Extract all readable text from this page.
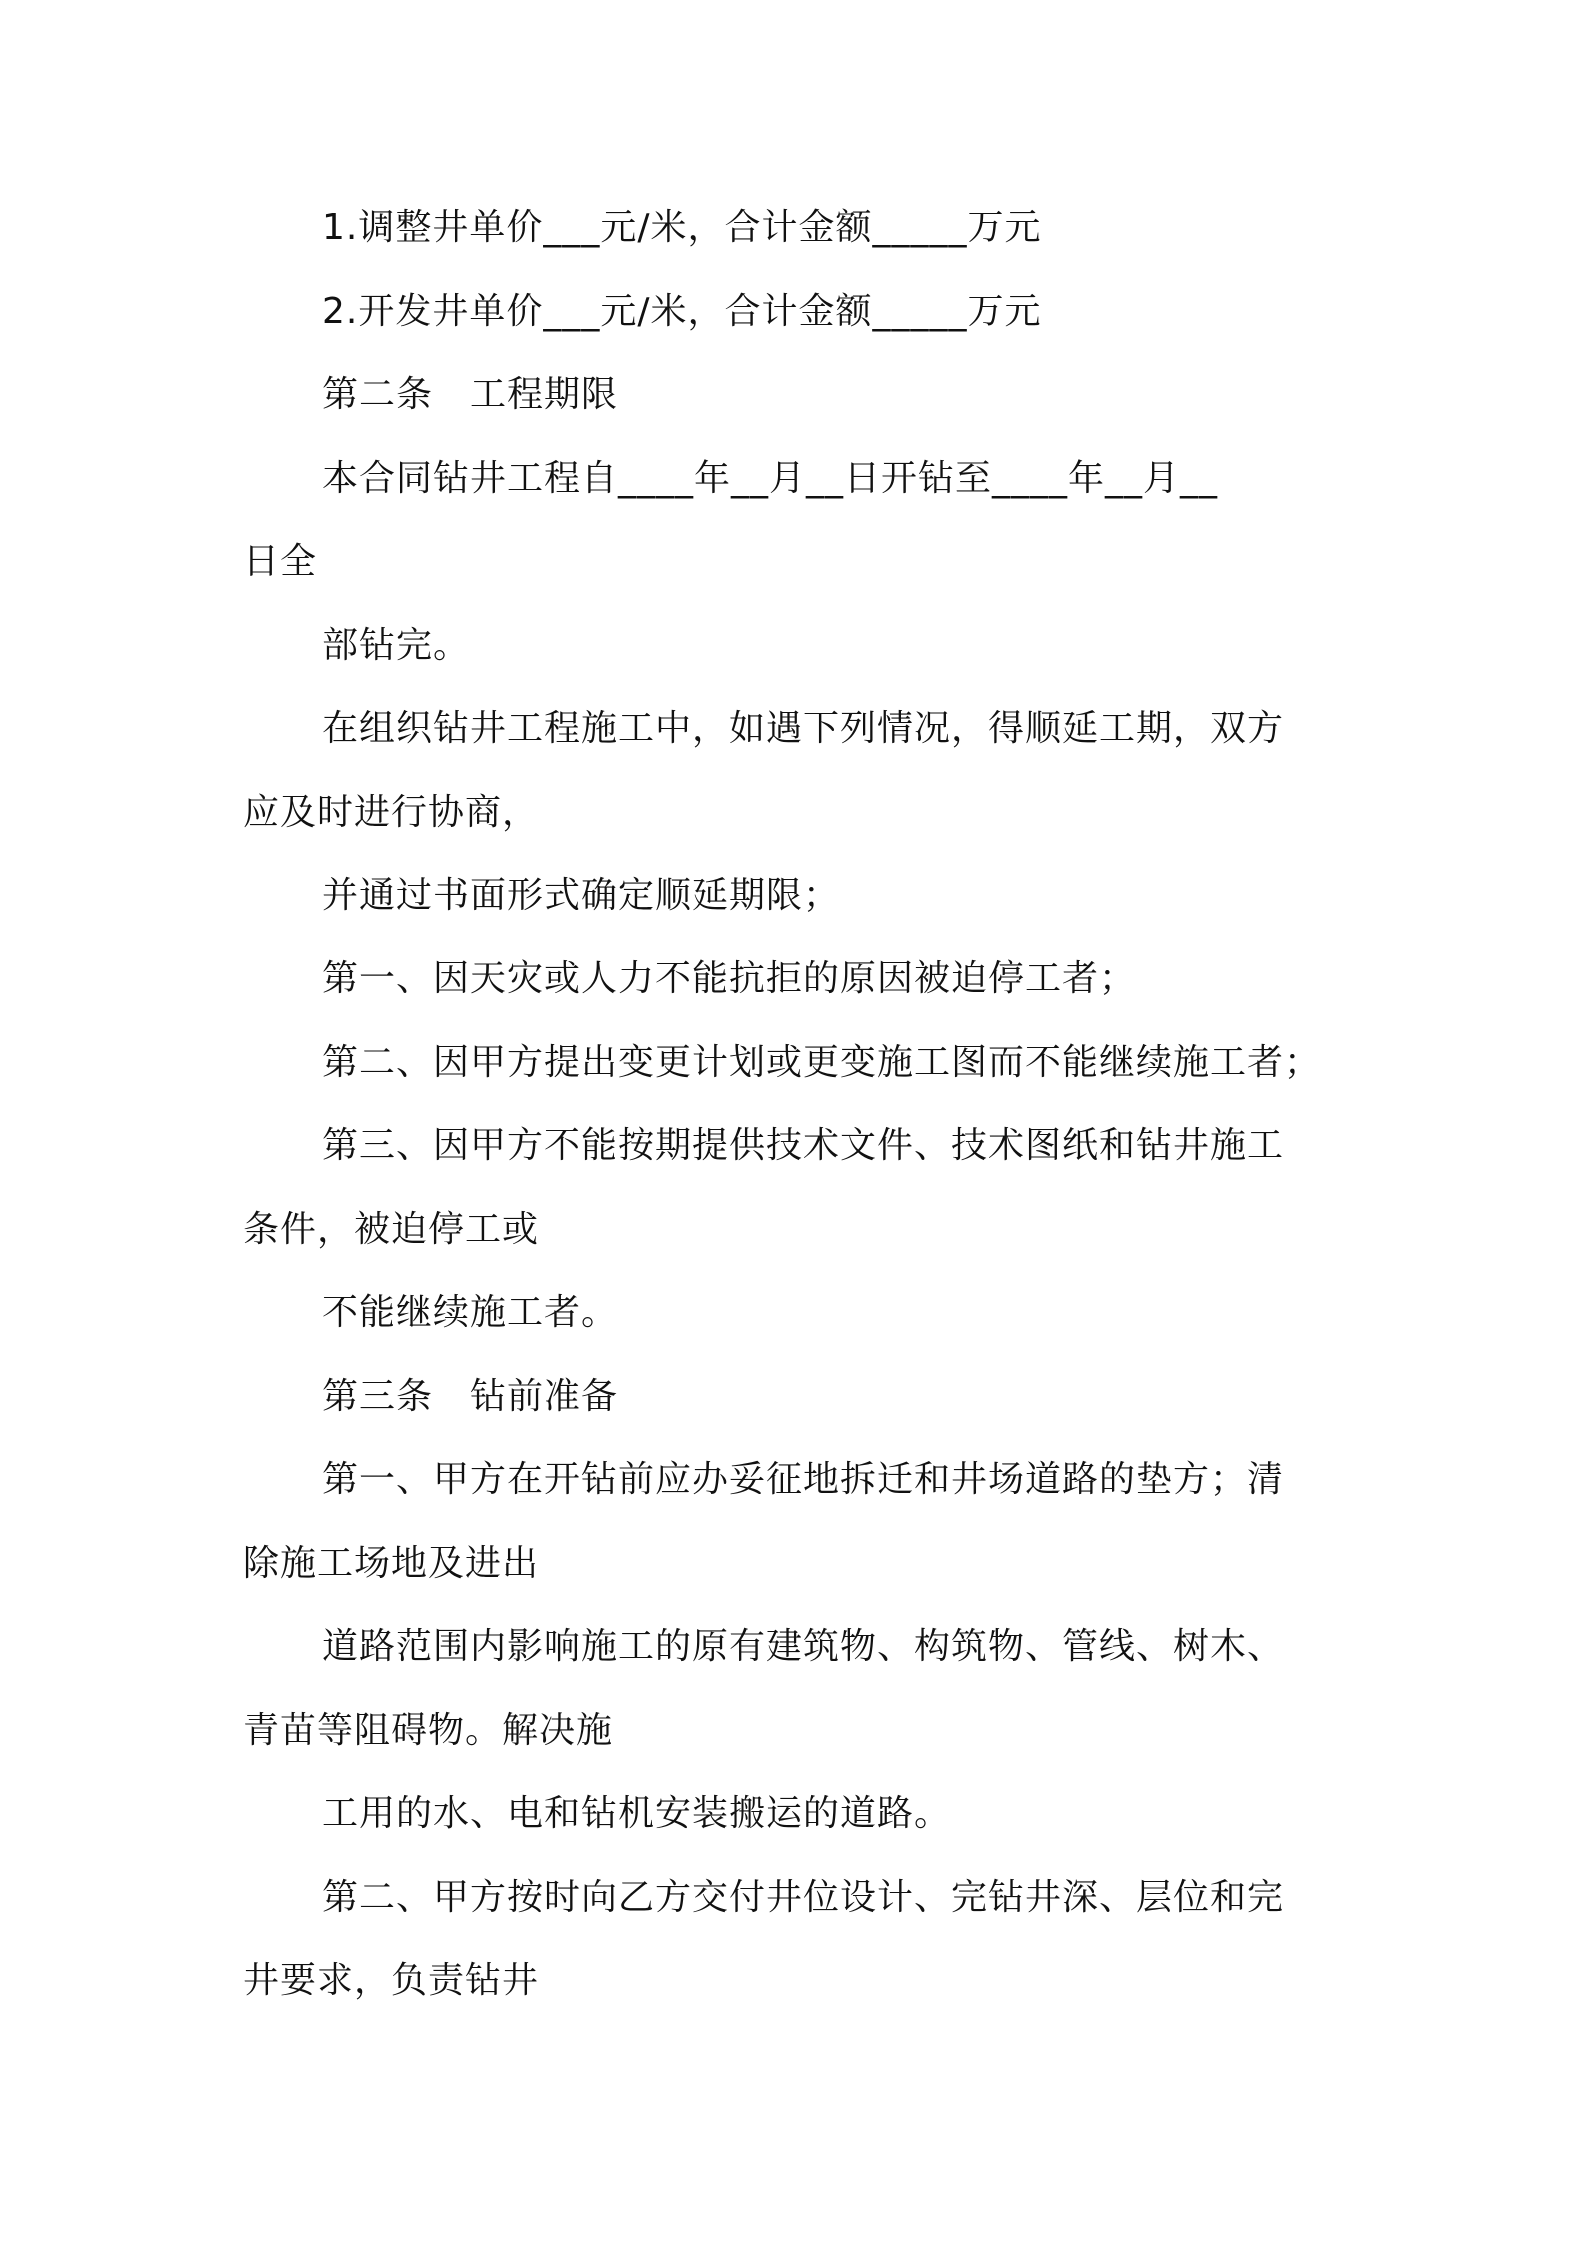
1.调整井单价___元/米，合计金额_____万元
2.开发井单价___元/米，合计金额_____万元
第二条　工程期限
本合同钻井工程自____年__月__日开钻至____年__月__
日全
部钻完。
在组织钻井工程施工中，如遇下列情况，得顺延工期，双方
应及时进行协商，
并通过书面形式确定顺延期限；
第一、因天灾或人力不能抗拒的原因被迫停工者；
第二、因甲方提出变更计划或更变施工图而不能继续施工者；
第三、因甲方不能按期提供技术文件、技术图纸和钻井施工
条件，被迫停工或
不能继续施工者。
第三条　钻前准备
第一、甲方在开钻前应办妥征地拆迁和井场道路的垫方；清
除施工场地及进出
道路范围内影响施工的原有建筑物、构筑物、管线、树木、
青苗等阻碍物。解决施
工用的水、电和钻机安装搬运的道路。
第二、甲方按时向乙方交付井位设计、完钻井深、层位和完
井要求，负责钻井
